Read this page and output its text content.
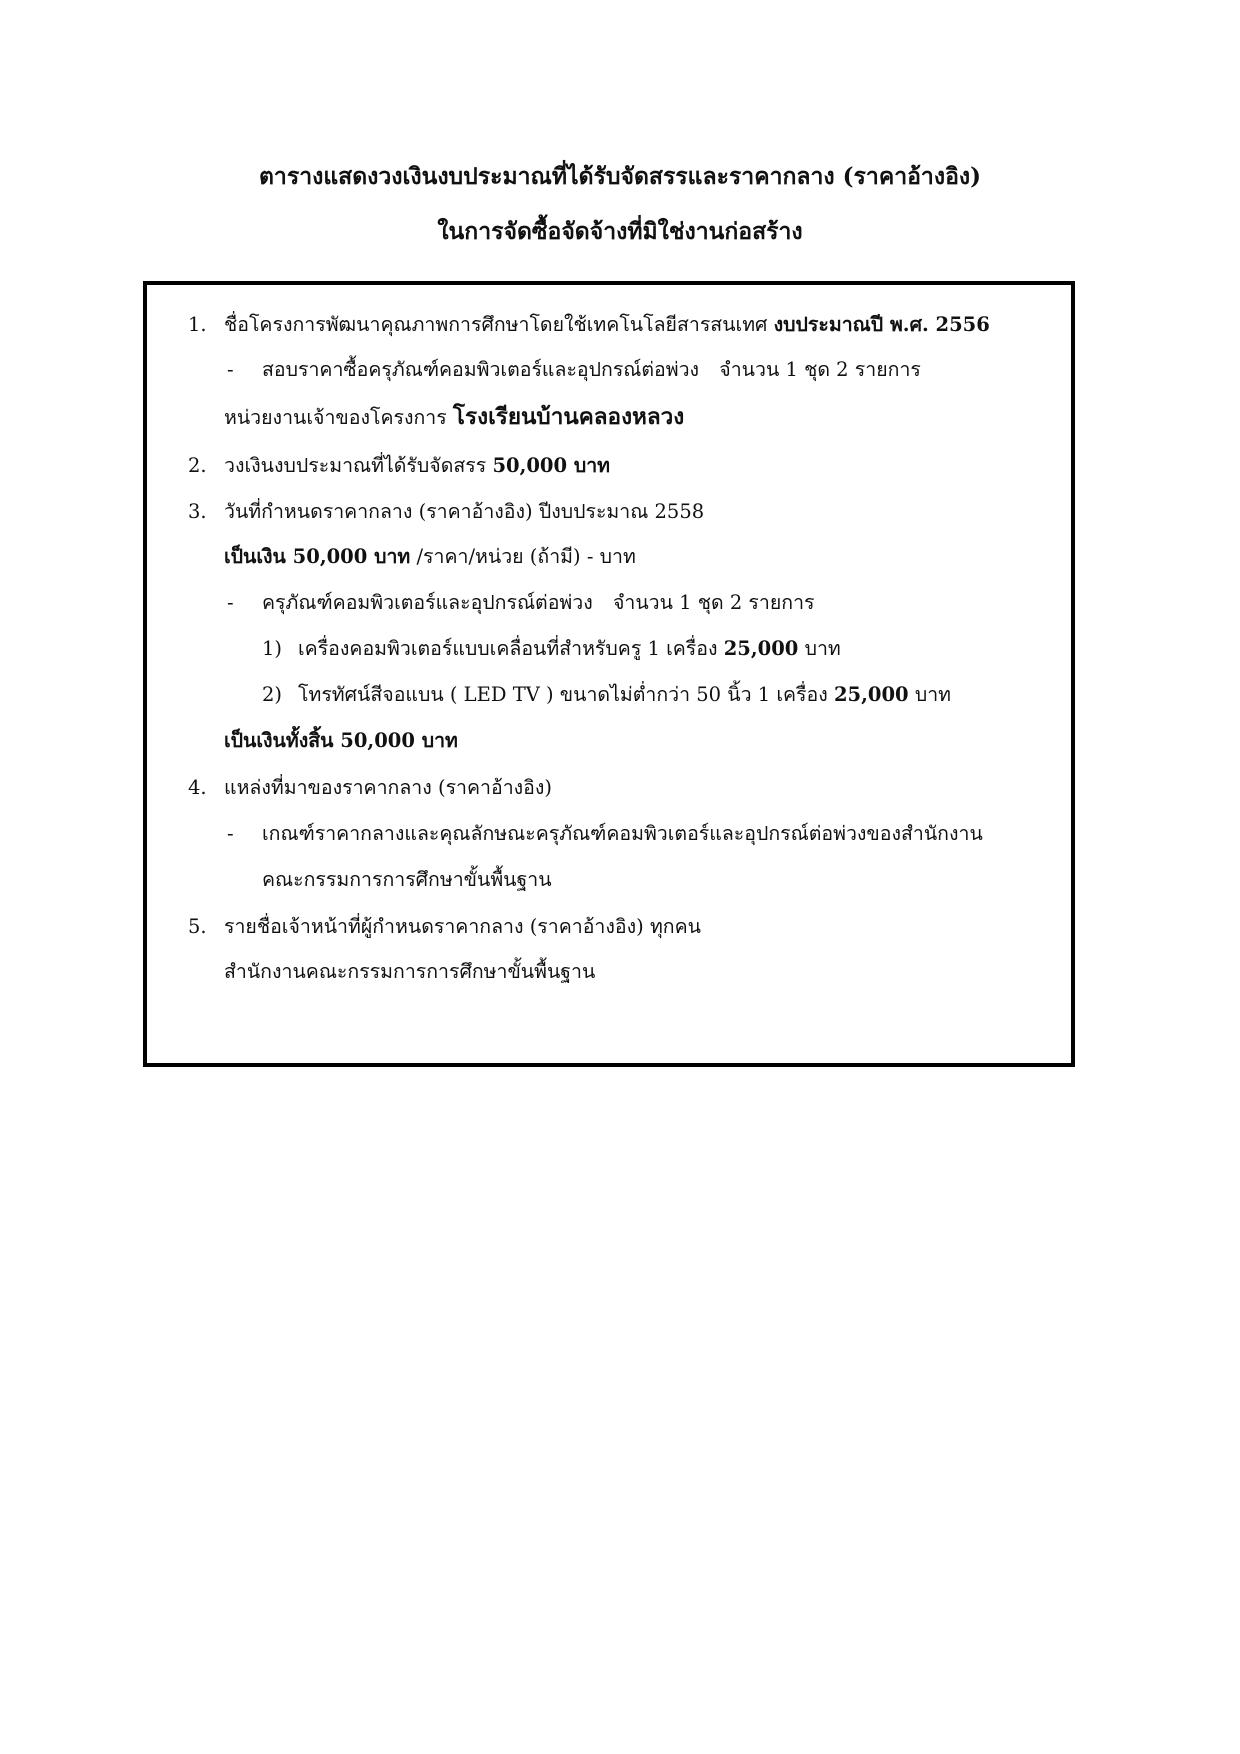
ตารางแสดงวงเงินงบประมาณที่ได้รับจัดสรรและราคากลาง (ราคาอ้างอิง)
ในการจัดซื้อจัดจ้างที่มิใช่งานก่อสร้าง
1. ชื่อโครงการพัฒนาคุณภาพการศึกษาโดยใช้เทคโนโลยีสารสนเทศ งบประมาณปี พ.ศ. 2556
- สอบราคาซื้อครุภัณฑ์คอมพิวเตอร์และอุปกรณ์ต่อพ่วง จำนวน 1 ชุด 2 รายการ
หน่วยงานเจ้าของโครงการ โรงเรียนบ้านคลองหลวง
2. วงเงินงบประมาณที่ได้รับจัดสรร 50,000 บาท
3. วันที่กำหนดราคากลาง (ราคาอ้างอิง) ปีงบประมาณ 2558
เป็นเงิน 50,000 บาท /ราคา/หน่วย (ถ้ามี) - บาท
- ครุภัณฑ์คอมพิวเตอร์และอุปกรณ์ต่อพ่วง จำนวน 1 ชุด 2 รายการ
1) เครื่องคอมพิวเตอร์แบบเคลื่อนที่สำหรับครู 1 เครื่อง 25,000 บาท
2) โทรทัศน์สีจอแบน ( LED TV ) ขนาดไม่ต่ำกว่า 50 นิ้ว 1 เครื่อง 25,000 บาท
เป็นเงินทั้งสิ้น 50,000 บาท
4. แหล่งที่มาของราคากลาง (ราคาอ้างอิง)
- เกณฑ์ราคากลางและคุณลักษณะครุภัณฑ์คอมพิวเตอร์และอุปกรณ์ต่อพ่วงของสำนักงาน
คณะกรรมการการศึกษาขั้นพื้นฐาน
5. รายชื่อเจ้าหน้าที่ผู้กำหนดราคากลาง (ราคาอ้างอิง) ทุกคน
สำนักงานคณะกรรมการการศึกษาขั้นพื้นฐาน
